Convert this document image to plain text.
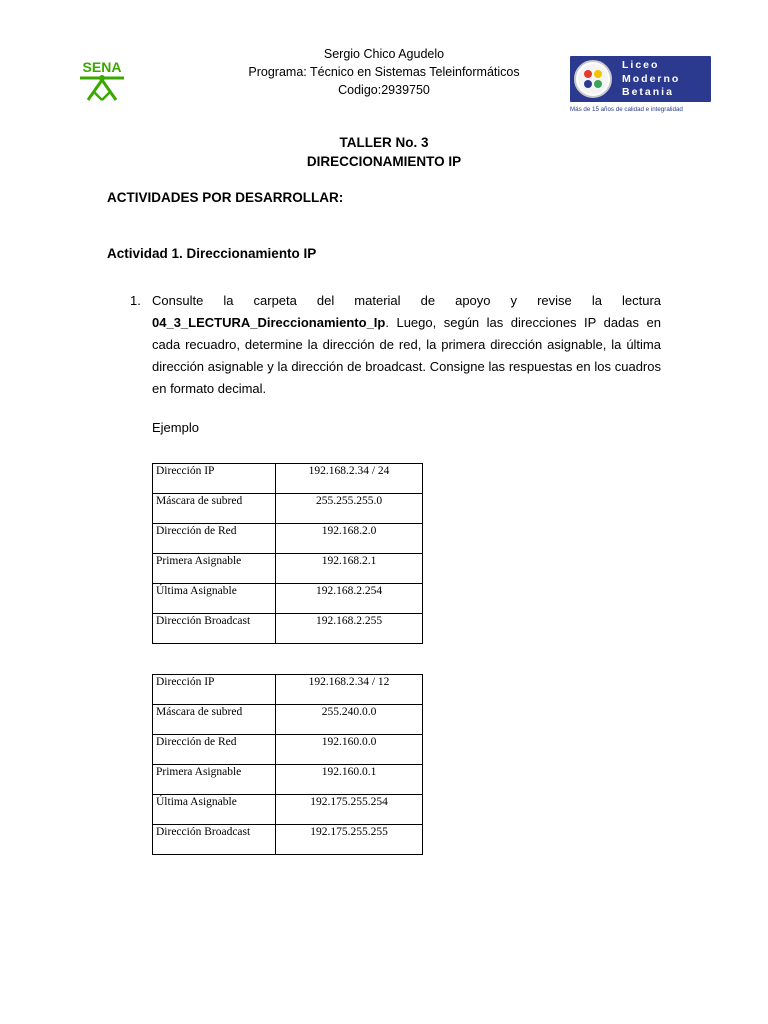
SENA
Sergio Chico Agudelo
Programa: Técnico en Sistemas Teleinformáticos
Codigo:2939750
Liceo
Moderno
Betania
Más de 15 años de calidad e integralidad
TALLER No. 3
DIRECCIONAMIENTO IP
ACTIVIDADES POR DESARROLLAR:
Actividad 1. Direccionamiento IP
1. Consulte la carpeta del material de apoyo y revise la lectura 04_3_LECTURA_Direccionamiento_Ip. Luego, según las direcciones IP dadas en cada recuadro, determine la dirección de red, la primera dirección asignable, la última dirección asignable y la dirección de broadcast. Consigne las respuestas en los cuadros en formato decimal.
Ejemplo
Dirección IP	192.168.2.34 / 24
Máscara de subred	255.255.255.0
Dirección de Red	192.168.2.0
Primera Asignable	192.168.2.1
Última Asignable	192.168.2.254
Dirección Broadcast	192.168.2.255
Dirección IP	192.168.2.34 / 12
Máscara de subred	255.240.0.0
Dirección de Red	192.160.0.0
Primera Asignable	192.160.0.1
Última Asignable	192.175.255.254
Dirección Broadcast	192.175.255.255
